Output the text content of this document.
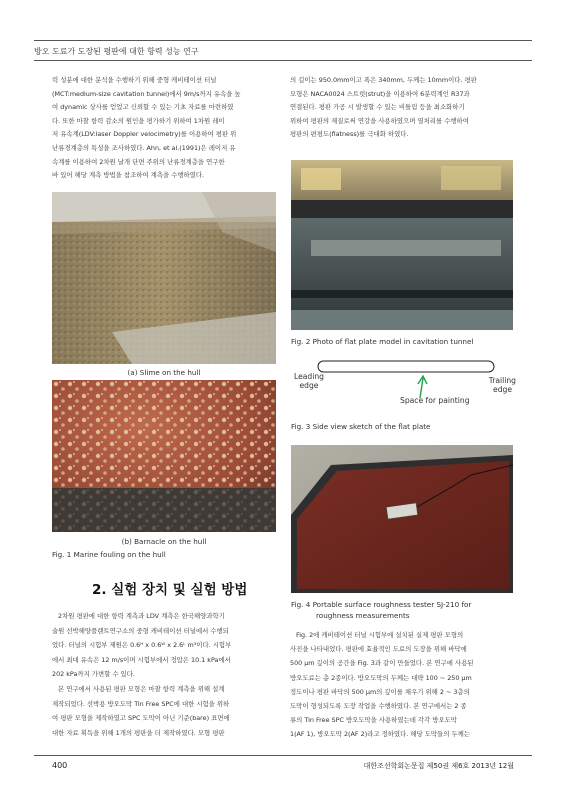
방오 도료가 도장된 평판에 대한 항력 성능 연구

력 성분에 대한 분석을 수행하기 위해 중형 캐비테이션 터널

(MCT:medium-size cavitation tunnel)에서 9m/s까지 유속을 높

여 dynamic 상사를 얻었고 신뢰할 수 있는 기초 자료를 마련하였

다. 또한 마찰 항력 감소의 원인을 평가하기 위하여 1차원 레이

저 유속계(LDV:laser Doppler velocimetry)를 이용하여 평판 위

난류경계층의 특성을 조사하였다. Ahn, et al.(1991)은 레이저 유

속계를 이용하여 2차원 날개 단면 주위의 난류경계층을 연구한

바 있어 해당 계측 방법을 참조하여 계측을 수행하였다.

의 길이는 950.0mm이고 폭은 340mm, 두께는 10mm이다. 평판

모형은 NACA0024 스트럿(strut)을 이용하여 6분력계인 R37과

연결된다. 평판 가공 시 발생할 수 있는 비틀림 등을 최소화하기

위하여 평판의 재질로써 연강을 사용하였으며 열처리를 수행하여

평판의 편평도(flatness)를 극대화 하였다.

(a) Slime on the hull
(b) Barnacle on the hull
Fig. 1 Marine fouling on the hull
Fig. 2 Photo of flat plate model in cavitation tunnel
Leading
edge
Trailing
edge
Space for painting
Fig. 3 Side view sketch of the flat plate
Fig. 4 Portable surface roughness tester SJ-210 for
roughness measurements
2. 실험 장치 및 실험 방법

2차원 평판에 대한 항력 계측과 LDV 계측은 한국해양과학기

술원 선박해양플랜트연구소의 중형 캐비테이션 터널에서 수행되

었다. 터널의 시험부 제원은 0.6ᴴ x 0.6ᵂ x 2.6ᴸ m³이다. 시험부

에서 최대 유속은 12 m/s이며 시험부에서 정압은 10.1 kPa에서

202 kPa까지 가변할 수 있다.

본 연구에서 사용된 평판 모형은 마찰 항력 계측을 위해 설계

제작되었다. 선박용 방오도막 Tin Free SPC에 대한 시험을 위하

여 평판 모형을 제작하였고 SPC 도막이 아닌 기준(bare) 표면에

대한 자료 획득을 위해 1개의 평판을 더 제작하였다. 모형 평판

Fig. 2에 캐비테이션 터널 시험부에 설치된 실제 평판 모형의

사진을 나타내었다. 평판에 효율적인 도료의 도장을 위해 바닥에

500 μm 깊이의 공간을 Fig. 3과 같이 만들었다. 본 연구에 사용된

방오도료는 총 2종이다. 방오도막의 두께는 대략 100 ~ 250 μm

정도이나 평판 바닥의 500 μm의 깊이를 채우기 위해 2 ~ 3층의

도막이 형성되도록 도장 작업을 수행하였다. 본 연구에서는 2 종

류의 Tin Free SPC 방오도막을 사용하였는데 각각 방오도막

1(AF 1), 방오도막 2(AF 2)라고 정하였다. 해당 도막들의 두께는

400	대한조선학회논문집 제50권 제6호 2013년 12월
